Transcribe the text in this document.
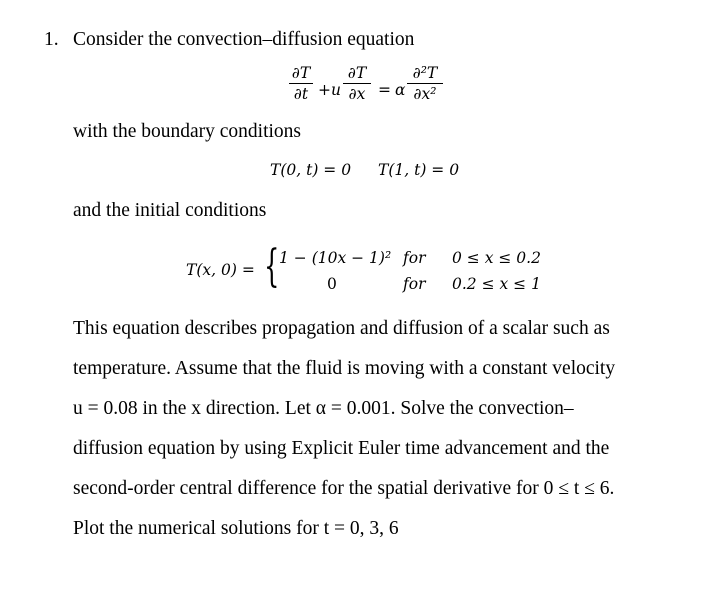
1. Consider the convection–diffusion equation
∂T
∂t + u
∂T
∂x = α
∂²T
∂x²
with the boundary conditions
T(0, t) = 0 T(1, t) = 0
and the initial conditions
T(x, 0) = { 1 − (10x − 1)² for 0 ≤ x ≤ 0.2
0	for 0.2 ≤ x ≤ 1
This equation describes propagation and diffusion of a scalar such as
temperature. Assume that the fluid is moving with a constant velocity
u = 0.08 in the x direction. Let α = 0.001. Solve the convection–
diffusion equation by using Explicit Euler time advancement and the
second-order central difference for the spatial derivative for 0 ≤ t ≤ 6.
Plot the numerical solutions for t = 0, 3, 6
